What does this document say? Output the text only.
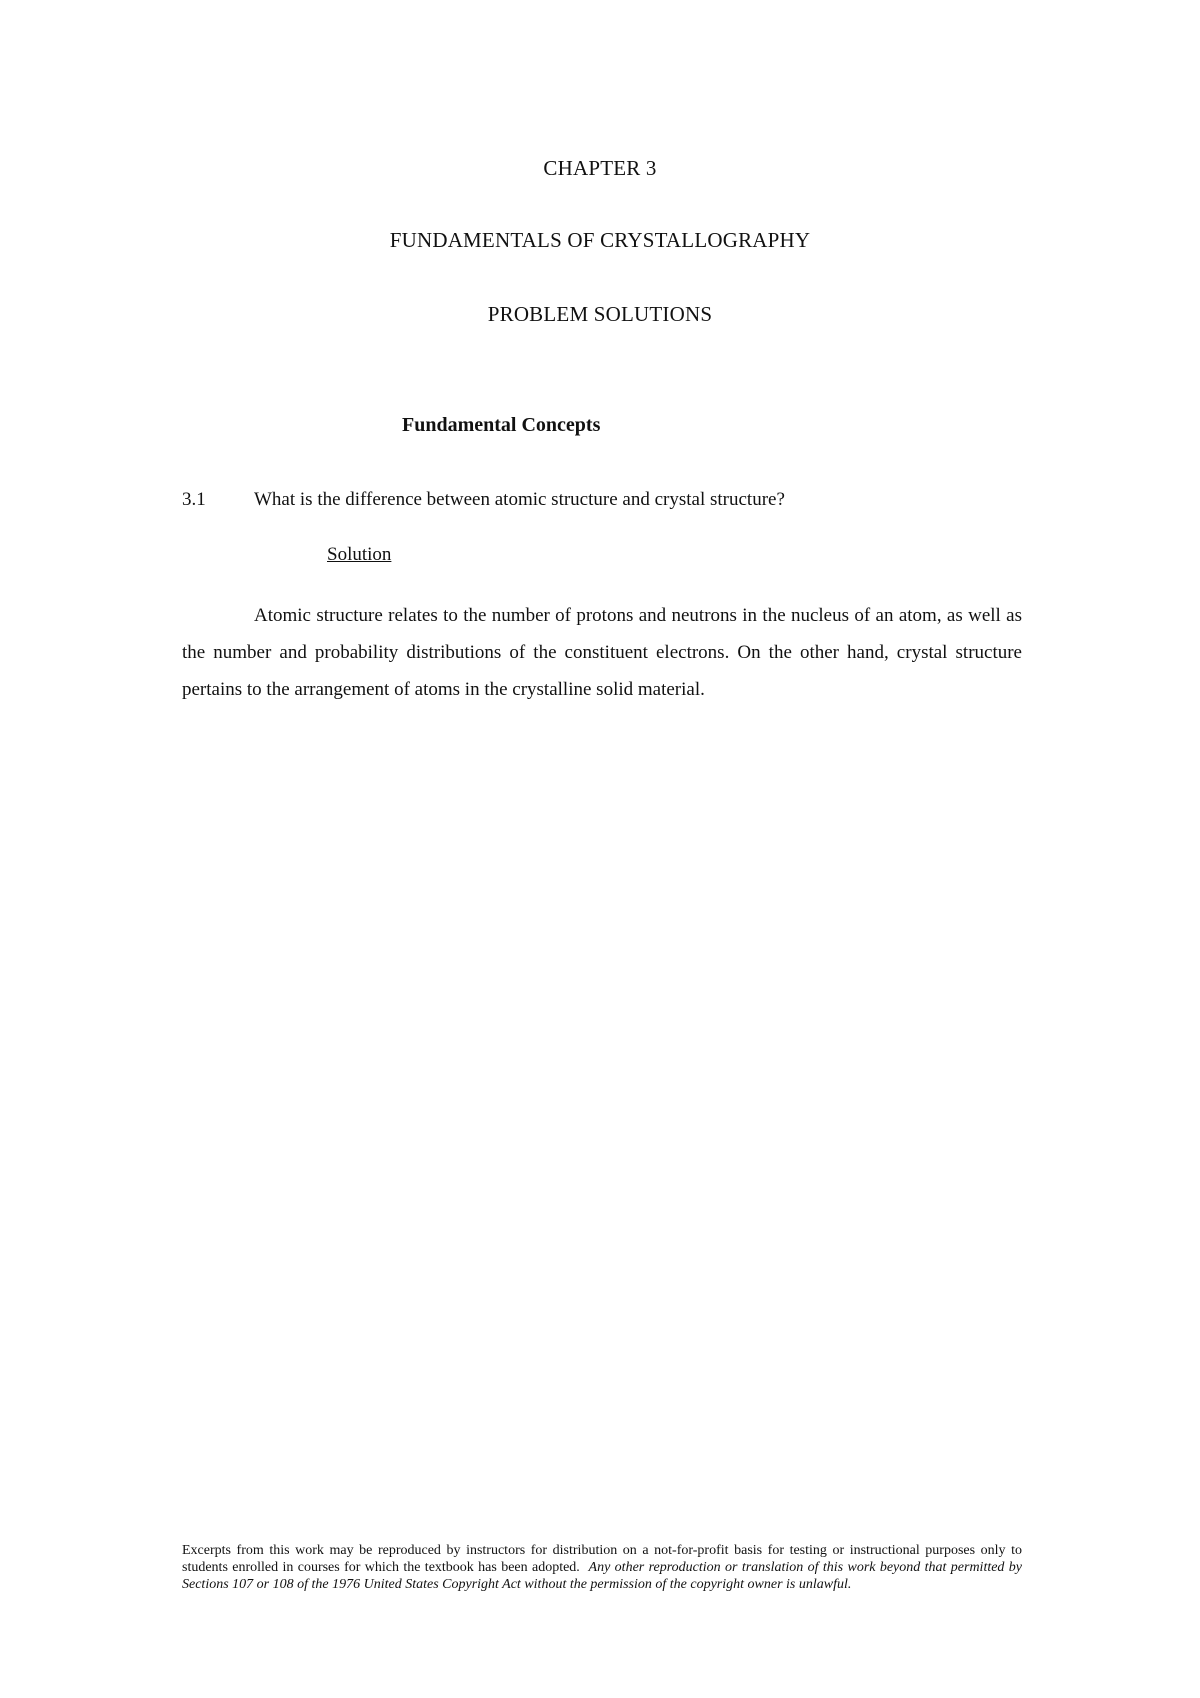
CHAPTER 3
FUNDAMENTALS OF CRYSTALLOGRAPHY
PROBLEM SOLUTIONS
Fundamental Concepts
3.1	What is the difference between atomic structure and crystal structure?
Solution

Atomic structure relates to the number of protons and neutrons in the nucleus of an atom, as well as the number and probability distributions of the constituent electrons. On the other hand, crystal structure pertains to the arrangement of atoms in the crystalline solid material.

Excerpts from this work may be reproduced by instructors for distribution on a not-for-profit basis for testing or instructional purposes only to students enrolled in courses for which the textbook has been adopted. Any other reproduction or translation of this work beyond that permitted by Sections 107 or 108 of the 1976 United States Copyright Act without the permission of the copyright owner is unlawful.
